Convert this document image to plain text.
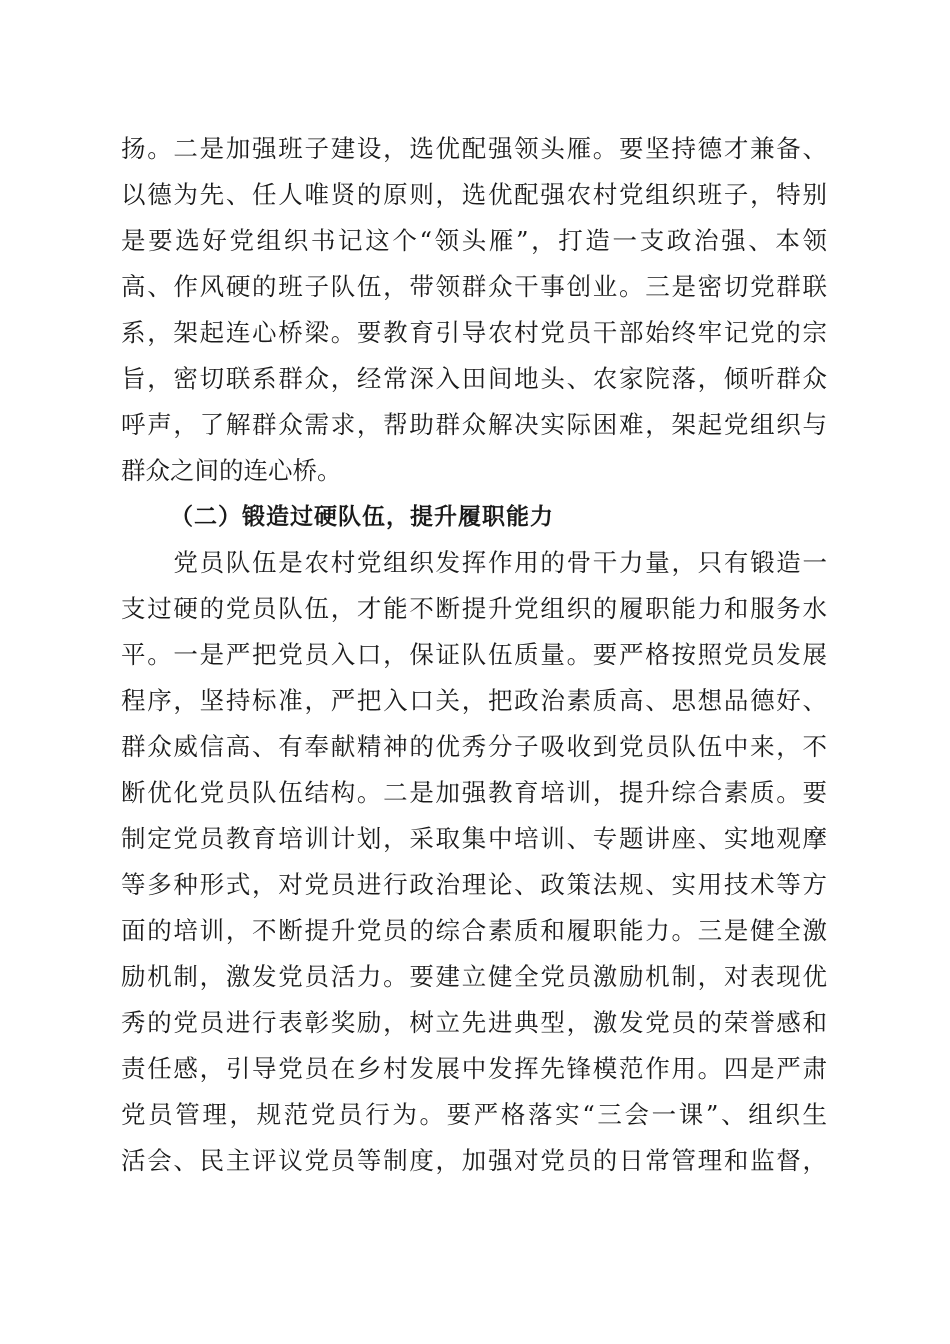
扬。二是加强班子建设，选优配强领头雁。要坚持德才兼备、
以德为先、任人唯贤的原则，选优配强农村党组织班子，特别
是要选好党组织书记这个“领头雁”，打造一支政治强、本领
高、作风硬的班子队伍，带领群众干事创业。三是密切党群联
系，架起连心桥梁。要教育引导农村党员干部始终牢记党的宗
旨，密切联系群众，经常深入田间地头、农家院落，倾听群众
呼声，了解群众需求，帮助群众解决实际困难，架起党组织与
群众之间的连心桥。
（二）锻造过硬队伍，提升履职能力
　　党员队伍是农村党组织发挥作用的骨干力量，只有锻造一
支过硬的党员队伍，才能不断提升党组织的履职能力和服务水
平。一是严把党员入口，保证队伍质量。要严格按照党员发展
程序，坚持标准，严把入口关，把政治素质高、思想品德好、
群众威信高、有奉献精神的优秀分子吸收到党员队伍中来，不
断优化党员队伍结构。二是加强教育培训，提升综合素质。要
制定党员教育培训计划，采取集中培训、专题讲座、实地观摩
等多种形式，对党员进行政治理论、政策法规、实用技术等方
面的培训，不断提升党员的综合素质和履职能力。三是健全激
励机制，激发党员活力。要建立健全党员激励机制，对表现优
秀的党员进行表彰奖励，树立先进典型，激发党员的荣誉感和
责任感，引导党员在乡村发展中发挥先锋模范作用。四是严肃
党员管理，规范党员行为。要严格落实“三会一课”、组织生
活会、民主评议党员等制度，加强对党员的日常管理和监督，
